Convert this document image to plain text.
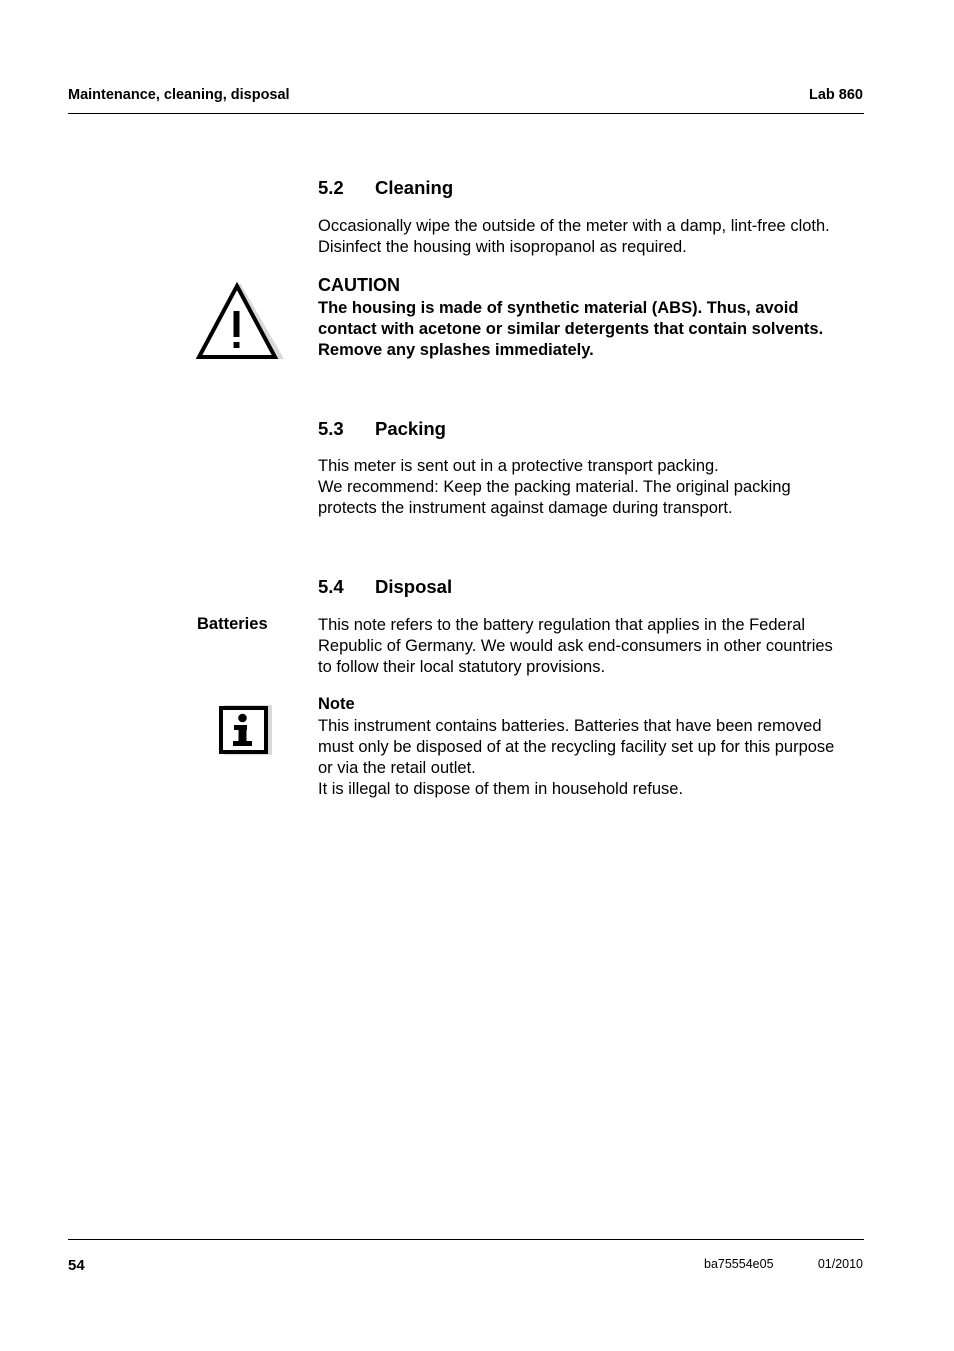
Maintenance, cleaning, disposal	Lab 860
5.2 Cleaning
Occasionally wipe the outside of the meter with a damp, lint-free cloth.
Disinfect the housing with isopropanol as required.
CAUTION
The housing is made of synthetic material (ABS). Thus, avoid
contact with acetone or similar detergents that contain solvents.
Remove any splashes immediately.
5.3 Packing
This meter is sent out in a protective transport packing.
We recommend: Keep the packing material. The original packing
protects the instrument against damage during transport.
5.4 Disposal
Batteries	This note refers to the battery regulation that applies in the Federal
Republic of Germany. We would ask end-consumers in other countries
to follow their local statutory provisions.
Note
This instrument contains batteries. Batteries that have been removed
must only be disposed of at the recycling facility set up for this purpose
or via the retail outlet.
It is illegal to dispose of them in household refuse.
54	ba75554e05	01/2010
